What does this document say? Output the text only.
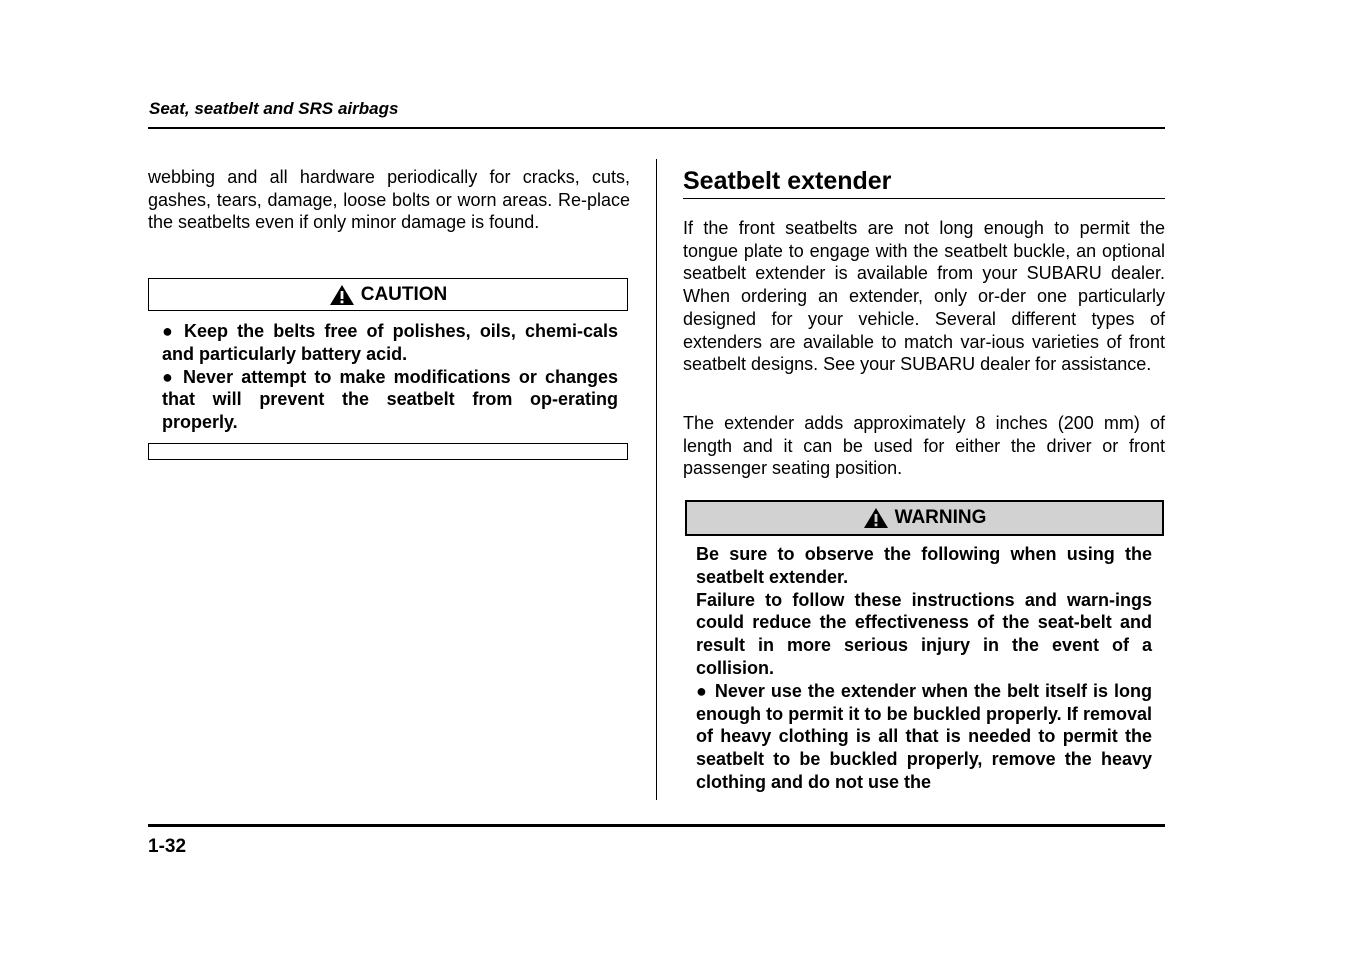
Seat, seatbelt and SRS airbags

webbing and all hardware periodically for cracks, cuts, gashes, tears, damage, loose bolts or worn areas. Re-place the seatbelts even if only minor damage is found.

CAUTION

● Keep the belts free of polishes, oils, chemi-cals and particularly battery acid.

● Never attempt to make modifications or changes that will prevent the seatbelt from op-erating properly.

Seatbelt extender

If the front seatbelts are not long enough to permit the tongue plate to engage with the seatbelt buckle, an optional seatbelt extender is available from your SUBARU dealer. When ordering an extender, only or-der one particularly designed for your vehicle. Several different types of extenders are available to match var-ious varieties of front seatbelt designs. See your SUBARU dealer for assistance.

The extender adds approximately 8 inches (200 mm) of length and it can be used for either the driver or front passenger seating position.

WARNING

Be sure to observe the following when using the seatbelt extender.

Failure to follow these instructions and warn-ings could reduce the effectiveness of the seat-belt and result in more serious injury in the event of a collision.

● Never use the extender when the belt itself is long enough to permit it to be buckled properly. If removal of heavy clothing is all that is needed to permit the seatbelt to be buckled properly, remove the heavy clothing and do not use the

1-32
